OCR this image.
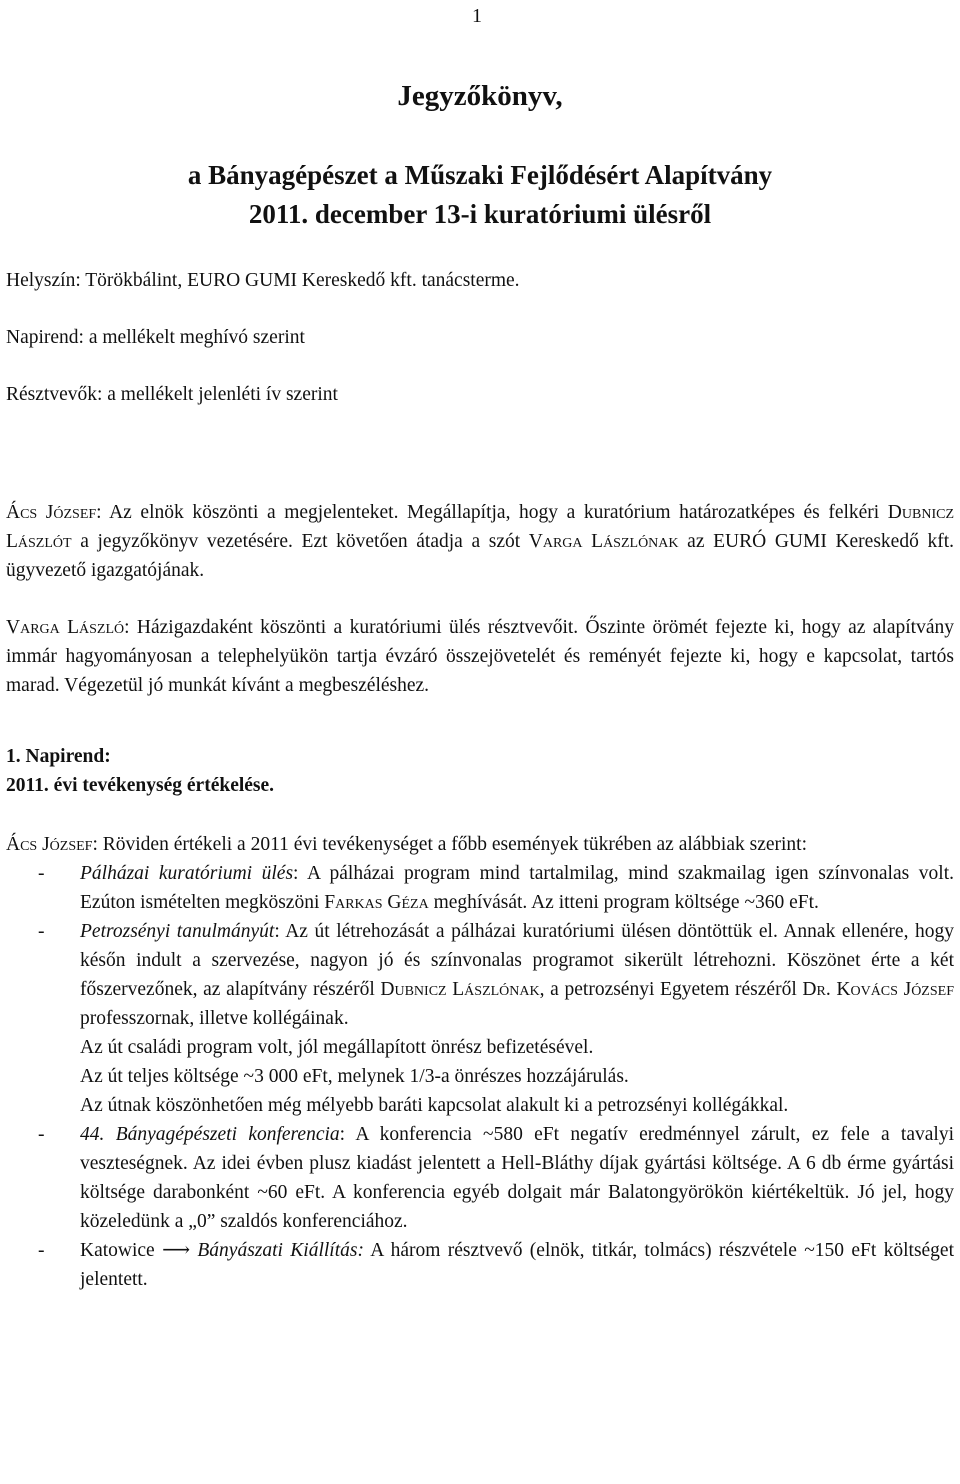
1
Jegyzőkönyv,
a Bányagépészet a Műszaki Fejlődésért Alapítvány
2011. december 13-i kuratóriumi ülésről
Helyszín: Törökbálint, EURO GUMI Kereskedő kft. tanácsterme.
Napirend: a mellékelt meghívó szerint
Résztvevők: a mellékelt jelenléti ív szerint

Ács József: Az elnök köszönti a megjelenteket. Megállapítja, hogy a kuratórium határozatképes és felkéri Dubnicz Lászlót a jegyzőkönyv vezetésére. Ezt követően átadja a szót Varga Lászlónak az EURÓ GUMI Kereskedő kft. ügyvezető igazgatójának.

Varga László: Házigazdaként köszönti a kuratóriumi ülés résztvevőit. Őszinte örömét fejezte ki, hogy az alapítvány immár hagyományosan a telephelyükön tartja évzáró összejövetelét és reményét fejezte ki, hogy e kapcsolat, tartós marad. Végezetül jó munkát kívánt a megbeszéléshez.

1. Napirend:
2011. évi tevékenység értékelése.

Ács József: Röviden értékeli a 2011 évi tevékenységet a főbb események tükrében az alábbiak szerint:

- Pálházai kuratóriumi ülés: A pálházai program mind tartalmilag, mind szakmailag igen színvonalas volt. Ezúton ismételten megköszöni Farkas Géza meghívását. Az itteni program költsége ~360 eFt.

- Petrozsényi tanulmányút: Az út létrehozását a pálházai kuratóriumi ülésen döntöttük el. Annak ellenére, hogy későn indult a szervezése, nagyon jó és színvonalas programot sikerült létrehozni. Köszönet érte a két főszervezőnek, az alapítvány részéről Dubnicz Lászlónak, a petrozsényi Egyetem részéről Dr. Kovács József professzornak, illetve kollégáinak.

Az út családi program volt, jól megállapított önrész befizetésével.

Az út teljes költsége ~3 000 eFt, melynek 1/3-a önrészes hozzájárulás.

Az útnak köszönhetően még mélyebb baráti kapcsolat alakult ki a petrozsényi kollégákkal.

- 44. Bányagépészeti konferencia: A konferencia ~580 eFt negatív eredménnyel zárult, ez fele a tavalyi veszteségnek. Az idei évben plusz kiadást jelentett a Hell-Bláthy díjak gyártási költsége. A 6 db érme gyártási költsége darabonként ~60 eFt. A konferencia egyéb dolgait már Balatongyörökön kiértékeltük. Jó jel, hogy közeledünk a „0” szaldós konferenciához.

- Katowice ⟶ Bányászati Kiállítás: A három résztvevő (elnök, titkár, tolmács) részvétele ~150 eFt költséget jelentett.
